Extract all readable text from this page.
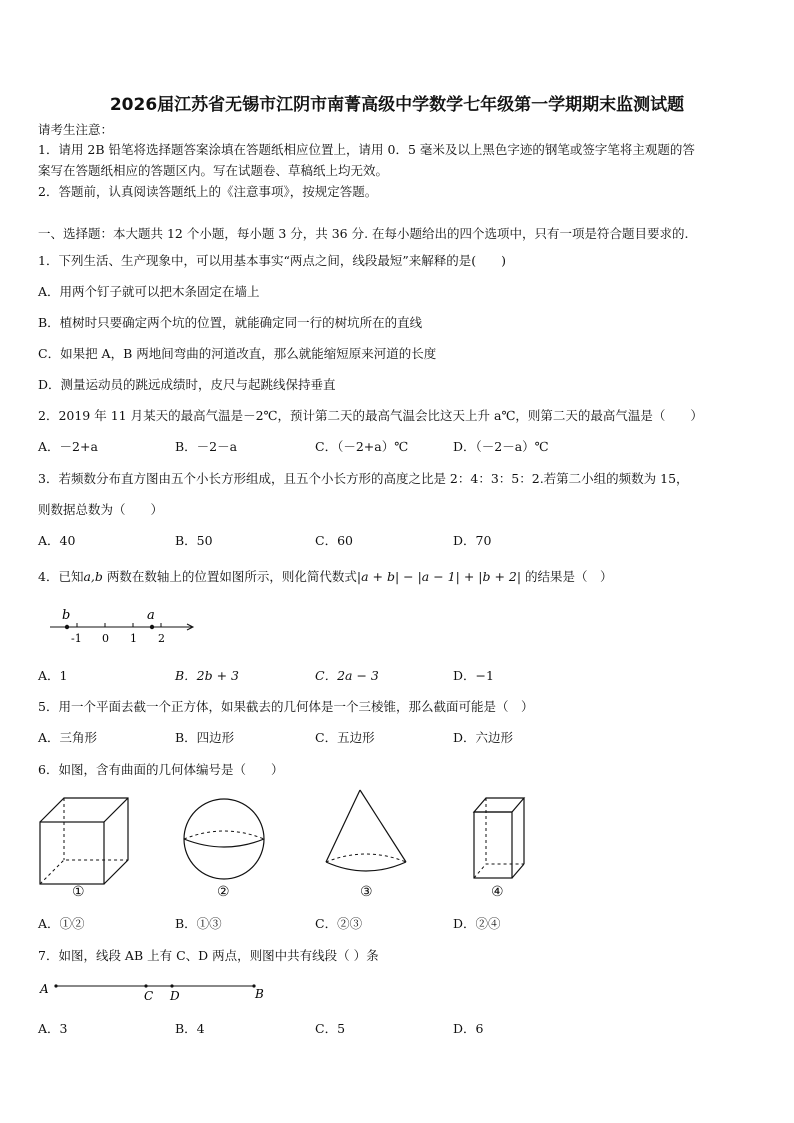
2026届江苏省无锡市江阴市南菁高级中学数学七年级第一学期期末监测试题
请考生注意：
1．请用 2B 铅笔将选择题答案涂填在答题纸相应位置上，请用 0．5 毫米及以上黑色字迹的钢笔或签字笔将主观题的答
案写在答题纸相应的答题区内。写在试题卷、草稿纸上均无效。
2．答题前，认真阅读答题纸上的《注意事项》，按规定答题。
一、选择题：本大题共 12 个小题，每小题 3 分，共 36 分. 在每小题给出的四个选项中，只有一项是符合题目要求的.
1．下列生活、生产现象中，可以用基本事实“两点之间，线段最短”来解释的是(　　)
A．用两个钉子就可以把木条固定在墙上
B．植树时只要确定两个坑的位置，就能确定同一行的树坑所在的直线
C．如果把 A，B 两地间弯曲的河道改直，那么就能缩短原来河道的长度
D．测量运动员的跳远成绩时，皮尺与起跳线保持垂直
2．2019 年 11 月某天的最高气温是－2℃，预计第二天的最高气温会比这天上升 a℃，则第二天的最高气温是（　　）
A．－2+a	B．－2－a	C．（－2+a）℃	D．（－2－a）℃
3．若频数分布直方图由五个小长方形组成，且五个小长方形的高度之比是 2：4：3：5：2.若第二小组的频数为 15，
则数据总数为（　　）
A．40	B．50	C．60	D．70
4．已知a,b 两数在数轴上的位置如图所示，则化简代数式|a + b| − |a − 1| + |b + 2| 的结果是（　）
b	a
-1 0 1 2
A．1	B．2b + 3	C．2a − 3	D．−1
5．用一个平面去截一个正方体，如果截去的几何体是一个三棱锥，那么截面可能是（　）
A．三角形	B．四边形	C．五边形	D．六边形
6．如图，含有曲面的几何体编号是（　　）
①	②	③	④
A．①②	B．①③	C．②③	D．②④
7．如图，线段 AB 上有 C、D 两点，则图中共有线段（ ）条
A	C D	B
A．3	B．4	C．5	D．6
